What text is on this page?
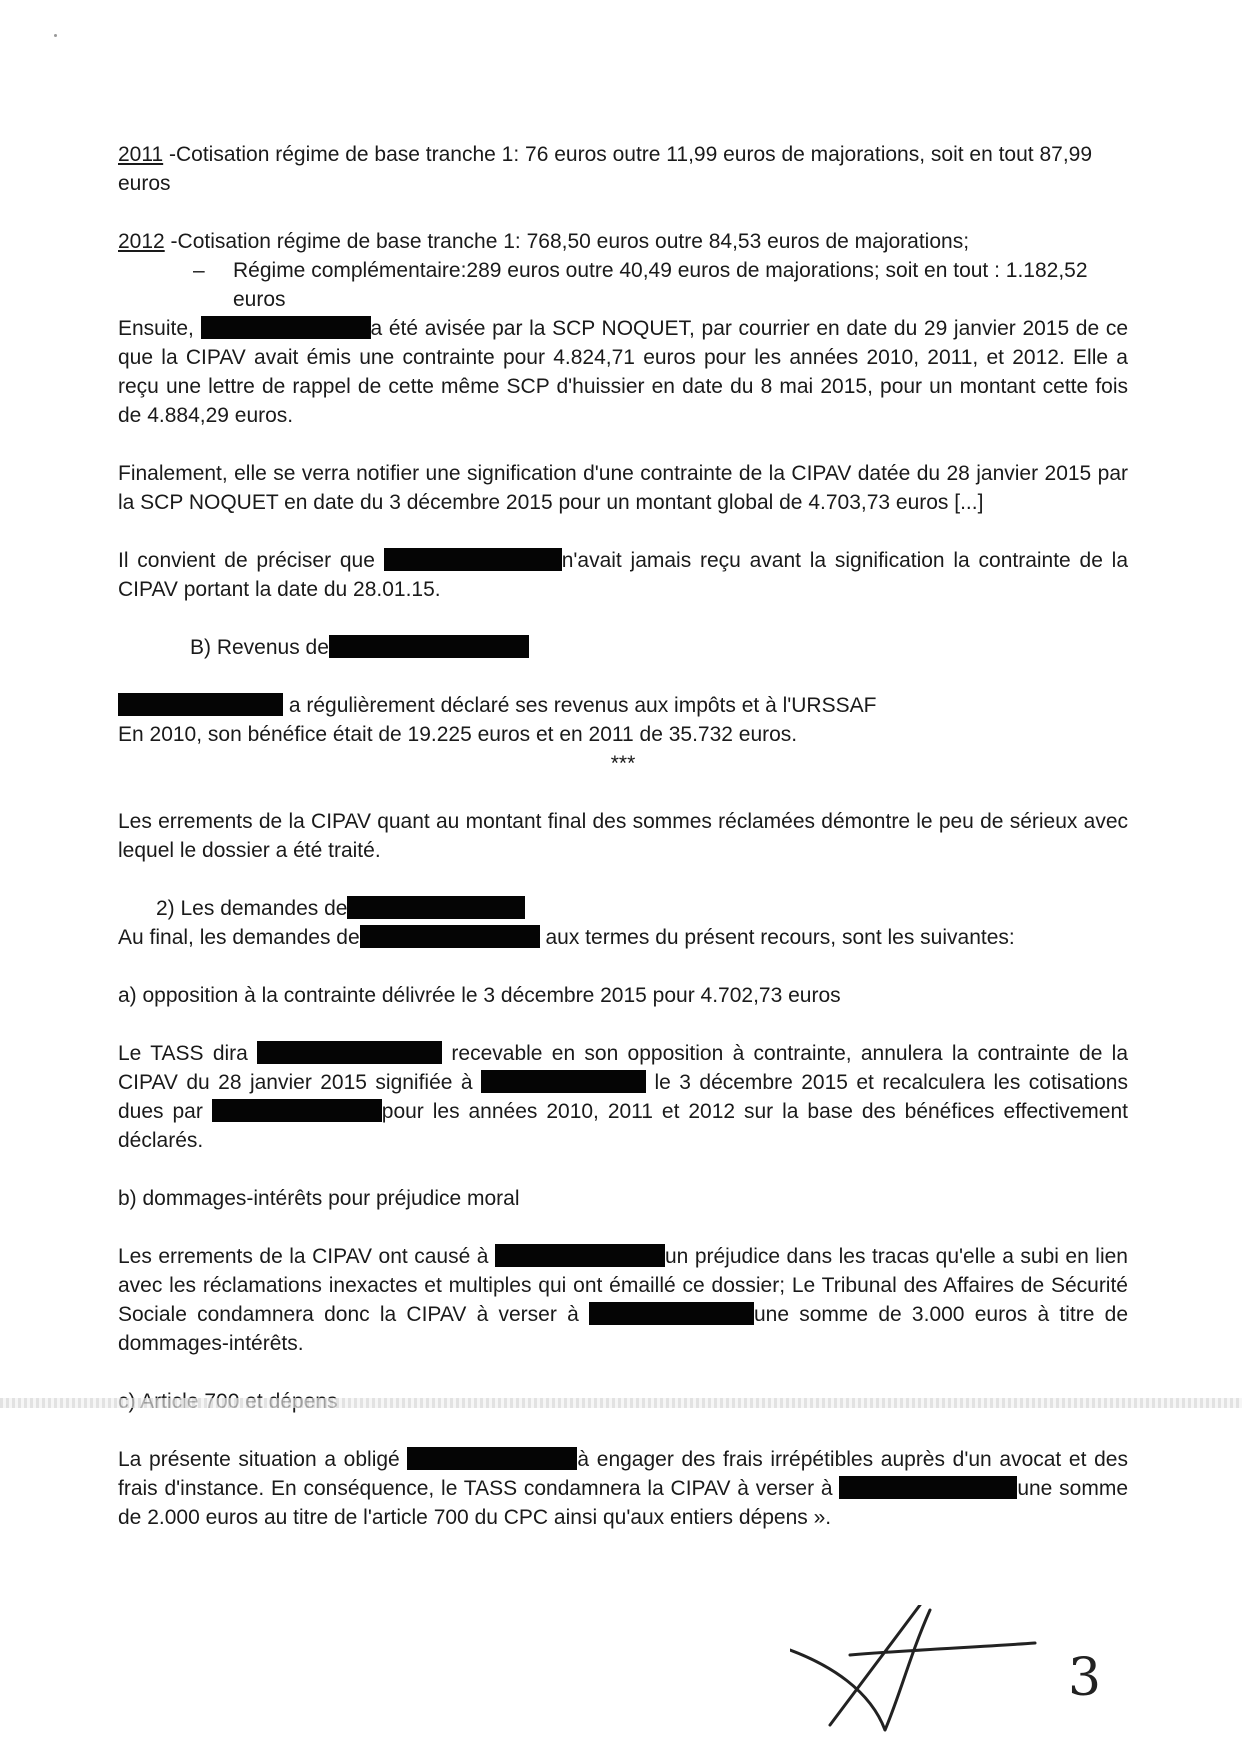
2011 -Cotisation régime de base tranche 1: 76 euros outre 11,99 euros de majorations, soit en tout 87,99 euros

2012 -Cotisation régime de base tranche 1: 768,50 euros outre 84,53 euros de majorations;

–	Régime complémentaire:289 euros outre 40,49 euros de majorations; soit en tout : 1.182,52 euros

Ensuite,	a été avisée par la SCP NOQUET, par courrier en date du 29 janvier 2015 de ce que la CIPAV avait émis une contrainte pour 4.824,71 euros pour les années 2010, 2011, et 2012. Elle a reçu une lettre de rappel de cette même SCP d'huissier en date du 8 mai 2015, pour un montant cette fois de 4.884,29 euros.

Finalement, elle se verra notifier une signification d'une contrainte de la CIPAV datée du 28 janvier 2015 par la SCP NOQUET en date du 3 décembre 2015 pour un montant global de 4.703,73 euros [...]

Il convient de préciser que	n'avait jamais reçu avant la signification la contrainte de la CIPAV portant la date du 28.01.15.

B) Revenus de

a régulièrement déclaré ses revenus aux impôts et à l'URSSAF

En 2010, son bénéfice était de 19.225 euros et en 2011 de 35.732 euros.

***

Les errements de la CIPAV quant au montant final des sommes réclamées démontre le peu de sérieux avec lequel le dossier a été traité.

2) Les demandes de

Au final, les demandes de	aux termes du présent recours, sont les suivantes:

a) opposition à la contrainte délivrée le 3 décembre 2015 pour 4.702,73 euros

Le TASS dira	recevable en son opposition à contrainte, annulera la contrainte de la CIPAV du 28 janvier 2015 signifiée à	le 3 décembre 2015 et recalculera les cotisations dues par	pour les années 2010, 2011 et 2012 sur la base des bénéfices effectivement déclarés.

b) dommages-intérêts pour préjudice moral

Les errements de la CIPAV ont causé à	un préjudice dans les tracas qu'elle a subi en lien avec les réclamations inexactes et multiples qui ont émaillé ce dossier; Le Tribunal des Affaires de Sécurité Sociale condamnera donc la CIPAV à verser à	une somme de 3.000 euros à titre de dommages-intérêts.

La présente situation a obligé	à engager des frais irrépétibles auprès d'un avocat et des frais d'instance. En conséquence, le TASS condamnera la CIPAV à verser à	une somme de 2.000 euros au titre de l'article 700 du CPC ainsi qu'aux entiers dépens ».

3
